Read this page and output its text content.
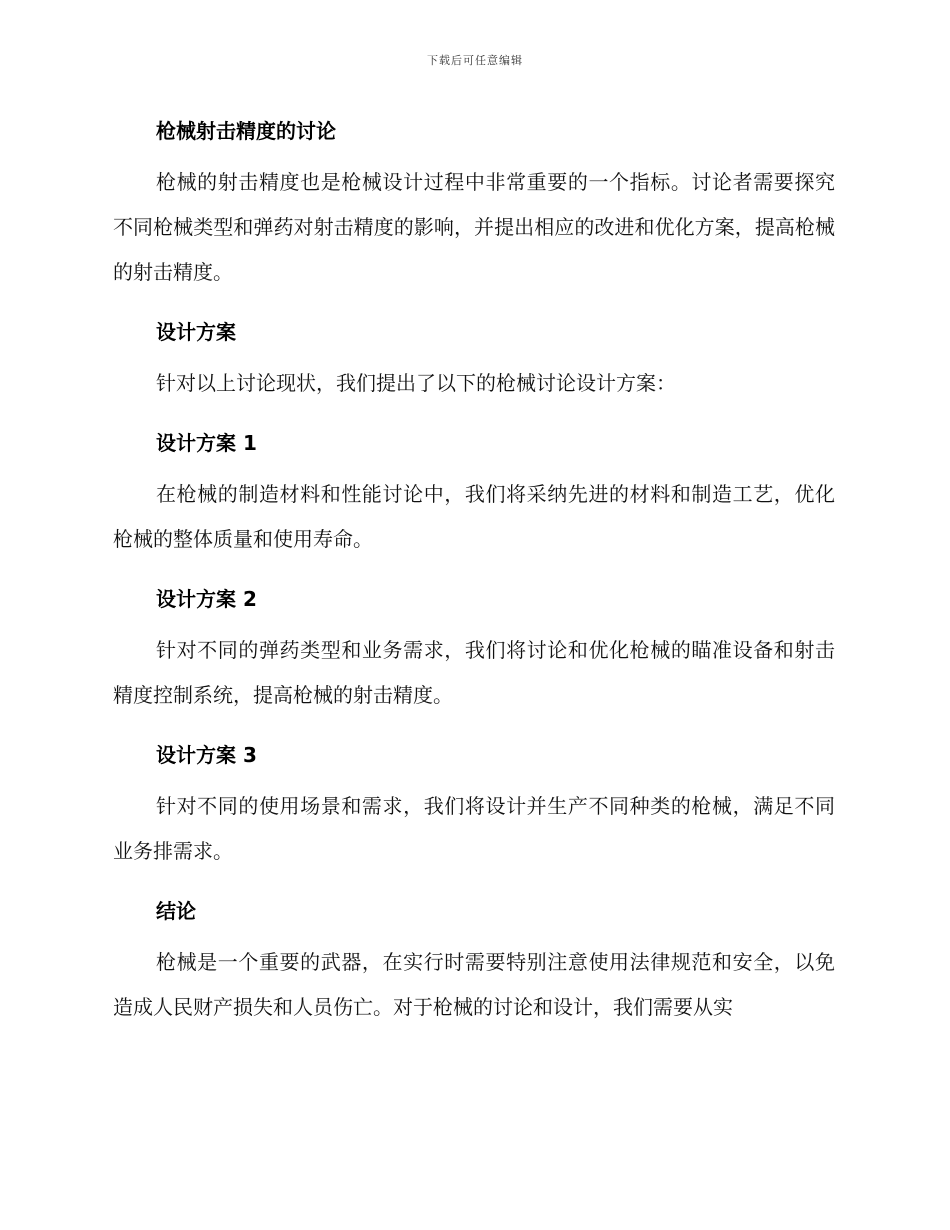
下载后可任意编辑
枪械射击精度的讨论
枪械的射击精度也是枪械设计过程中非常重要的一个指标。讨论者需要探究不同枪械类型和弹药对射击精度的影响，并提出相应的改进和优化方案，提高枪械的射击精度。
设计方案
针对以上讨论现状，我们提出了以下的枪械讨论设计方案：
设计方案 1
在枪械的制造材料和性能讨论中，我们将采纳先进的材料和制造工艺，优化枪械的整体质量和使用寿命。
设计方案 2
针对不同的弹药类型和业务需求，我们将讨论和优化枪械的瞄准设备和射击精度控制系统，提高枪械的射击精度。
设计方案 3
针对不同的使用场景和需求，我们将设计并生产不同种类的枪械，满足不同业务排需求。
结论
枪械是一个重要的武器，在实行时需要特别注意使用法律规范和安全，以免造成人民财产损失和人员伤亡。对于枪械的讨论和设计，我们需要从实
